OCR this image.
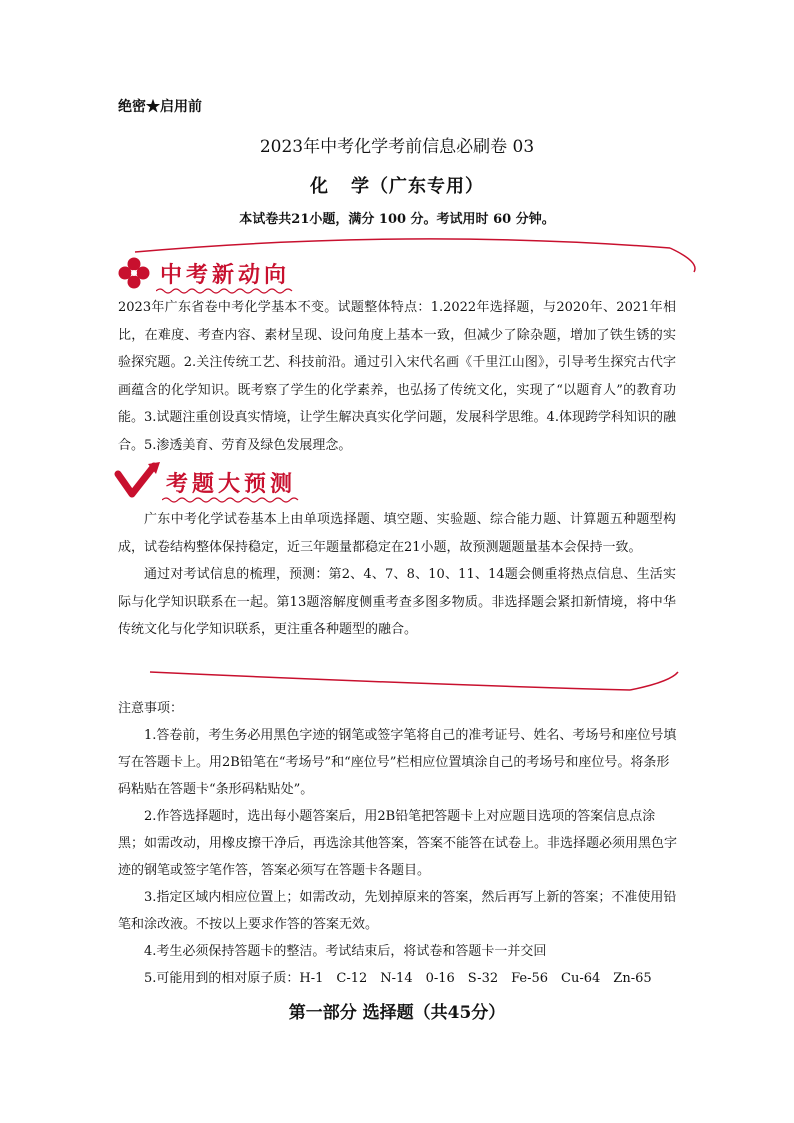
绝密★启用前
2023年中考化学考前信息必刷卷 03
化 学（广东专用）
本试卷共21小题，满分 100 分。考试用时 60 分钟。
中考新动向

2023年广东省卷中考化学基本不变。试题整体特点：1.2022年选择题，与2020年、2021年相比，在难度、考查内容、素材呈现、设问角度上基本一致，但减少了除杂题，增加了铁生锈的实验探究题。2.关注传统工艺、科技前沿。通过引入宋代名画《千里江山图》，引导考生探究古代字画蕴含的化学知识。既考察了学生的化学素养，也弘扬了传统文化，实现了“以题育人”的教育功能。3.试题注重创设真实情境，让学生解决真实化学问题，发展科学思维。4.体现跨学科知识的融合。5.渗透美育、劳育及绿色发展理念。

考题大预测

广东中考化学试卷基本上由单项选择题、填空题、实验题、综合能力题、计算题五种题型构成，试卷结构整体保持稳定，近三年题量都稳定在21小题，故预测题题量基本会保持一致。

通过对考试信息的梳理，预测：第2、4、7、8、10、11、14题会侧重将热点信息、生活实际与化学知识联系在一起。第13题溶解度侧重考查多图多物质。非选择题会紧扣新情境，将中华传统文化与化学知识联系，更注重各种题型的融合。

注意事项：

1.答卷前，考生务必用黑色字迹的钢笔或签字笔将自己的准考证号、姓名、考场号和座位号填写在答题卡上。用2B铅笔在“考场号”和“座位号”栏相应位置填涂自己的考场号和座位号。将条形码粘贴在答题卡“条形码粘贴处”。

2.作答选择题时，选出每小题答案后，用2B铅笔把答题卡上对应题目选项的答案信息点涂黑；如需改动，用橡皮擦干净后，再选涂其他答案，答案不能答在试卷上。非选择题必须用黑色字迹的钢笔或签字笔作答，答案必须写在答题卡各题目。

3.指定区域内相应位置上；如需改动，先划掉原来的答案，然后再写上新的答案；不准使用铅笔和涂改液。不按以上要求作答的答案无效。

4.考生必须保持答题卡的整洁。考试结束后，将试卷和答题卡一并交回

5.可能用到的相对原子质：H-1　C-12　N-14　0-16　S-32　Fe-56　Cu-64　Zn-65

第一部分 选择题（共45分）
